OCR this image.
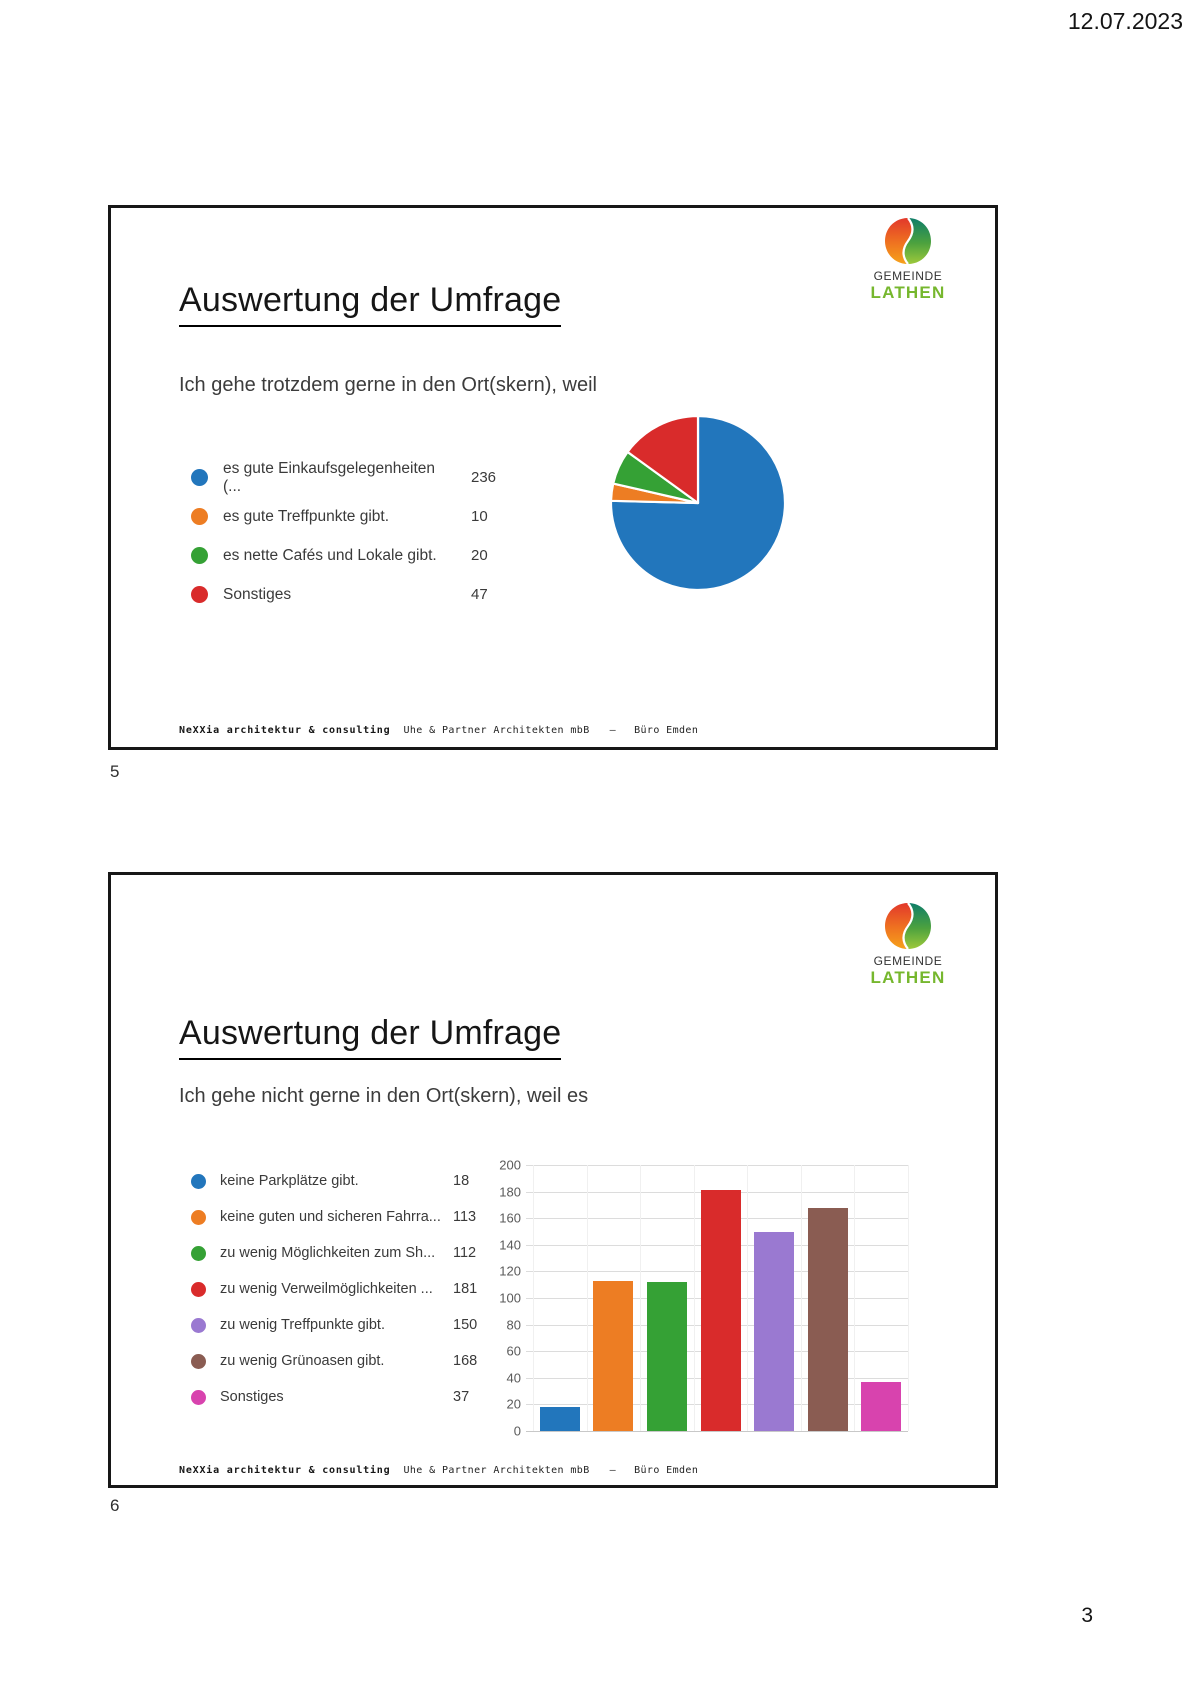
12.07.2023
Auswertung der Umfrage
GEMEINDE
LATHEN
Ich gehe trotzdem gerne in den Ort(skern), weil
es gute Einkaufsgelegenheiten (...	236
es gute Treffpunkte gibt.	10
es nette Cafés und Lokale gibt.	20
Sonstiges	47
NeXXia architektur & consulting Uhe & Partner Architekten mbB — Büro Emden
5
Auswertung der Umfrage
GEMEINDE
LATHEN
Ich gehe nicht gerne in den Ort(skern), weil es
keine Parkplätze gibt.	18
keine guten und sicheren Fahrra... 113
zu wenig Möglichkeiten zum Sh...	112
zu wenig Verweilmöglichkeiten ...	181
zu wenig Treffpunkte gibt.	150
zu wenig Grünoasen gibt.	168
Sonstiges	37
0
20
40
60
80
100
120
140
160
180
200
NeXXia architektur & consulting Uhe & Partner Architekten mbB — Büro Emden
6
3
